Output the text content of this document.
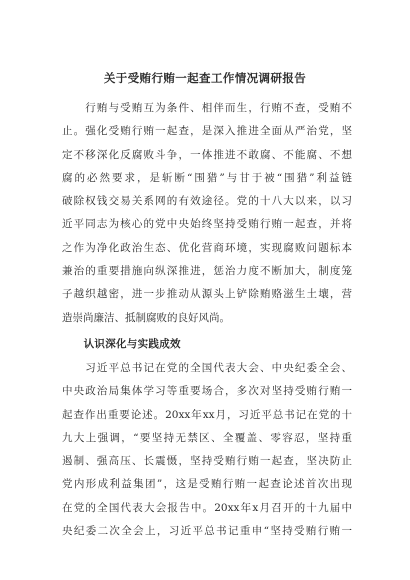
关于受贿行贿一起查工作情况调研报告
　　行贿与受贿互为条件、相伴而生，行贿不查，受贿不
止。强化受贿行贿一起查，是深入推进全面从严治党，坚
定不移深化反腐败斗争，一体推进不敢腐、不能腐、不想
腐的必然要求，是斩断“围猎”与甘于被“围猎”利益链
破除权钱交易关系网的有效途径。党的十八大以来，以习
近平同志为核心的党中央始终坚持受贿行贿一起查，并将
之作为净化政治生态、优化营商环境，实现腐败问题标本
兼治的重要措施向纵深推进，惩治力度不断加大，制度笼
子越织越密，进一步推动从源头上铲除贿赂滋生土壤，营
造崇尚廉洁、抵制腐败的良好风尚。
　　认识深化与实践成效
　　习近平总书记在党的全国代表大会、中央纪委全会、
中央政治局集体学习等重要场合，多次对坚持受贿行贿一
起查作出重要论述。20xx年xx月，习近平总书记在党的十
九大上强调，“要坚持无禁区、全覆盖、零容忍，坚持重
遏制、强高压、长震慑，坚持受贿行贿一起查，坚决防止
党内形成利益集团”，这是受贿行贿一起查论述首次出现
在党的全国代表大会报告中。20xx年x月召开的十九届中
央纪委二次全会上，习近平总书记重申“坚持受贿行贿一
